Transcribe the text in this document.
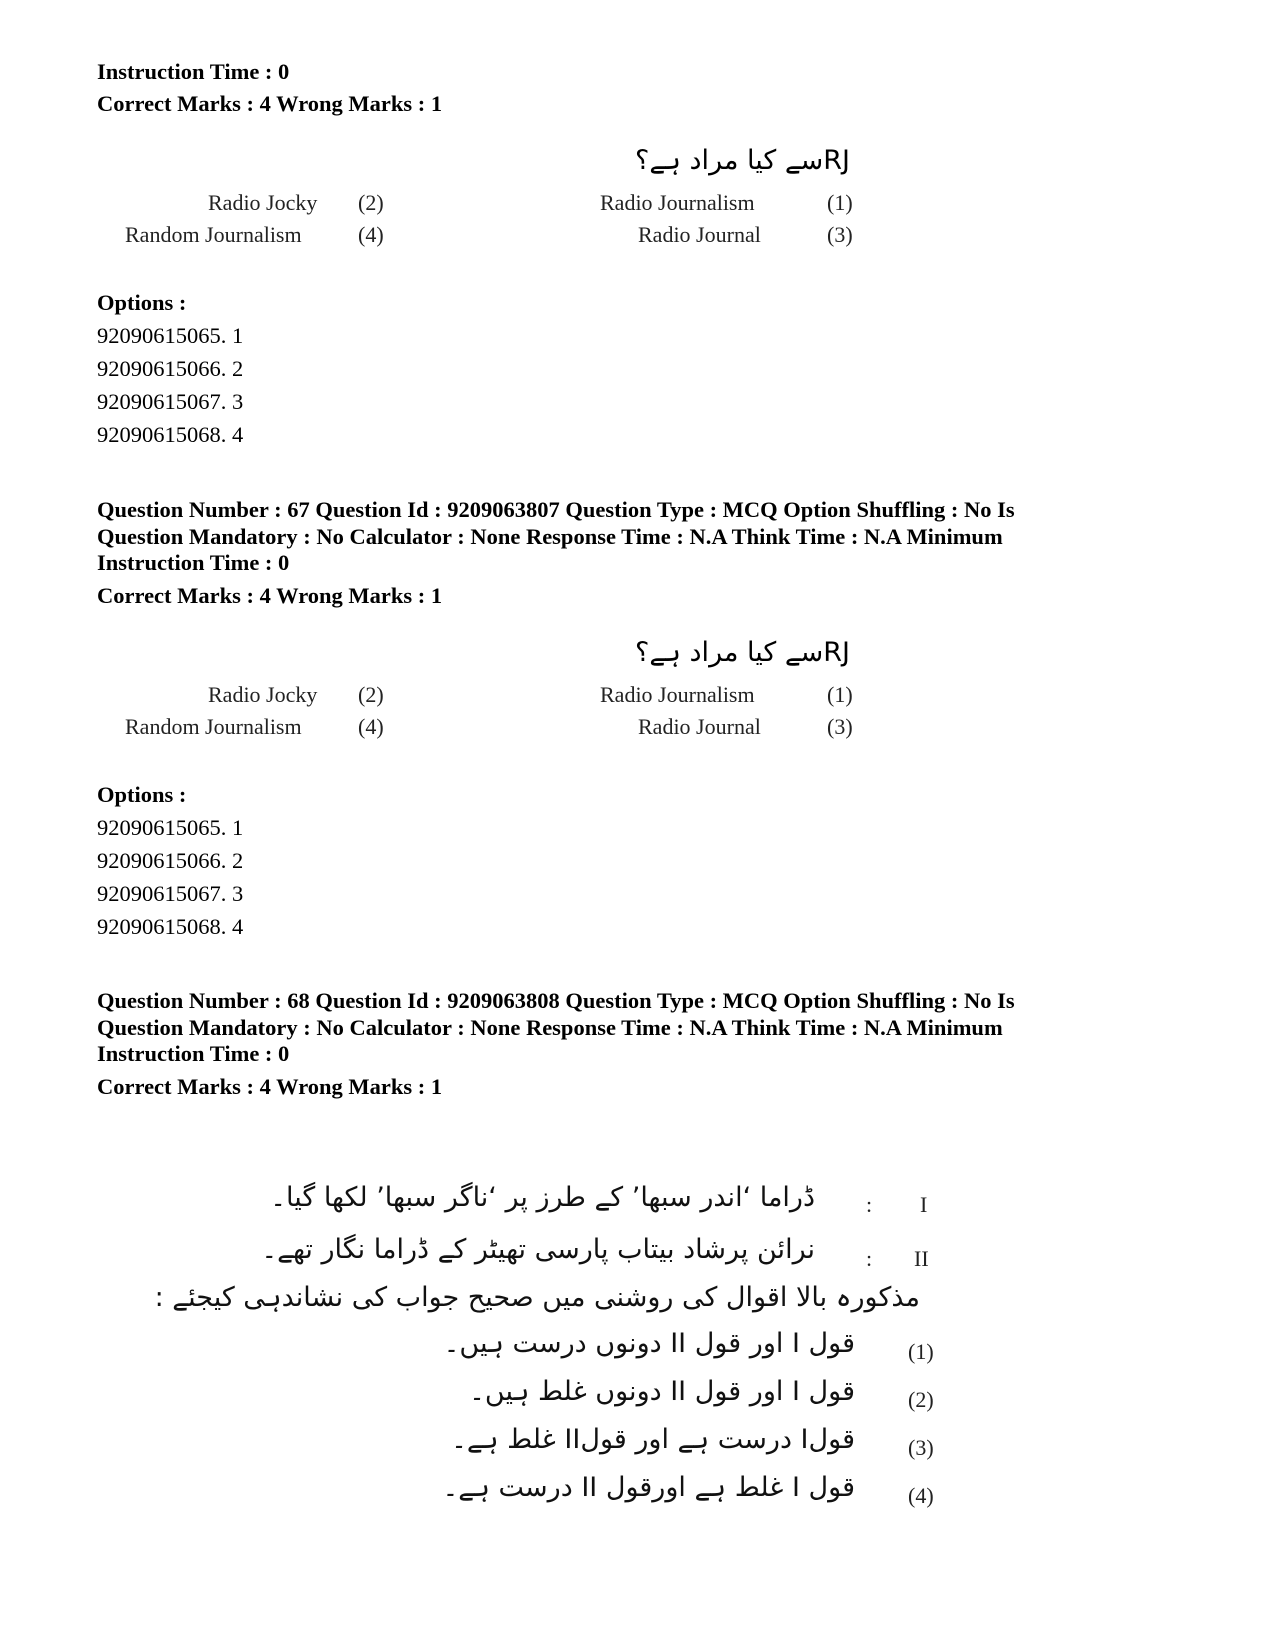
Instruction Time : 0

Correct Marks : 4 Wrong Marks : 1

RJسے کیا مراد ہے؟
Radio Journalism	(1)
Radio Jocky (2)
Radio Journal	(3)
Random Journalism	(4)

Options :

92090615065. 1

92090615066. 2

92090615067. 3

92090615068. 4

Question Number : 67 Question Id : 9209063807 Question Type : MCQ Option Shuffling : No Is

Question Mandatory : No Calculator : None Response Time : N.A Think Time : N.A Minimum

Instruction Time : 0

Correct Marks : 4 Wrong Marks : 1

RJسے کیا مراد ہے؟
Radio Journalism	(1)
Radio Jocky (2)
Radio Journal	(3)
Random Journalism	(4)

Options :

92090615065. 1

92090615066. 2

92090615067. 3

92090615068. 4

Question Number : 68 Question Id : 9209063808 Question Type : MCQ Option Shuffling : No Is

Question Mandatory : No Calculator : None Response Time : N.A Think Time : N.A Minimum

Instruction Time : 0

Correct Marks : 4 Wrong Marks : 1

I
:
ڈراما ‘اندر سبھا’ کے طرز پر ‘ناگر سبھا’ لکھا گیا۔
II
:
نرائن پرشاد بیتاب پارسی تھیٹر کے ڈراما نگار تھے۔
مذکورہ بالا اقوال کی روشنی میں صحیح جواب کی نشاندہی کیجئے :
(1)
قول I اور قول II دونوں درست ہیں۔
(2)
قول I اور قول II دونوں غلط ہیں۔
(3)
قولI درست ہے اور قولII غلط ہے۔
(4)
قول I غلط ہے اورقول II درست ہے۔
